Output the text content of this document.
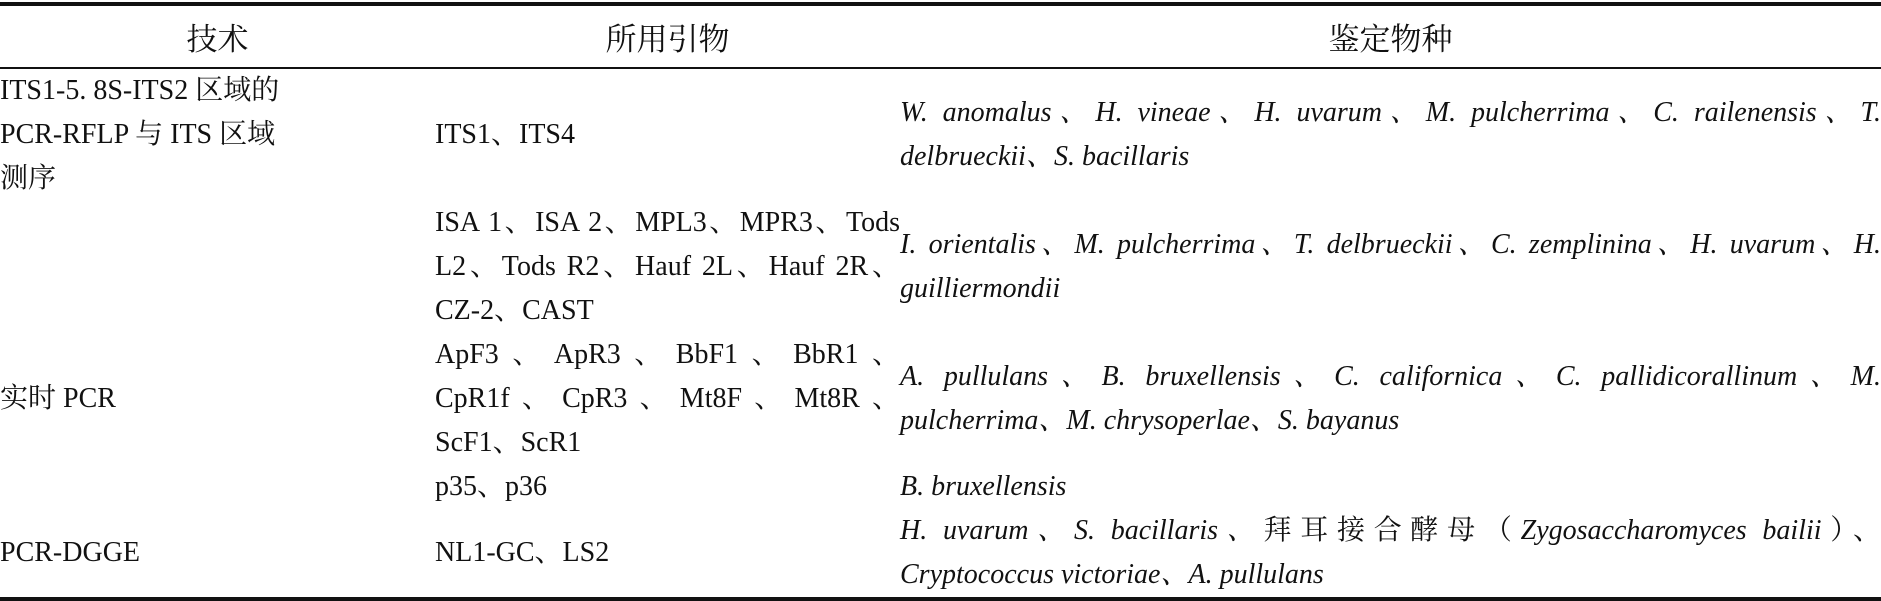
技术	所用引物	鉴定物种
ITS1-5. 8S-ITS2 区域的 PCR-RFLP 与 ITS 区域测序	ITS1、ITS4	W. anomalus、H. vineae、H. uvarum、M. pulcherrima、C. railenensis、T. delbrueckii、S. bacillaris
	ISA 1、ISA 2、MPL3、MPR3、Tods L2、Tods R2、Hauf 2L、Hauf 2R、CZ-2、CAST	I. orientalis、M. pulcherrima、T. delbrueckii、C. zemplinina、H. uvarum、H. guilliermondii
实时 PCR	ApF3、ApR3、BbF1、BbR1、CpR1f、CpR3、Mt8F、Mt8R、ScF1、ScR1	A. pullulans、B. bruxellensis、C. californica、C. pallidicorallinum、M. pulcherrima、M. chrysoperlae、S. bayanus
	p35、p36	B. bruxellensis
PCR-DGGE	NL1-GC、LS2	H. uvarum、S. bacillaris、拜耳接合酵母（Zygosaccharomyces bailii）、Cryptococcus victoriae、A. pullulans
